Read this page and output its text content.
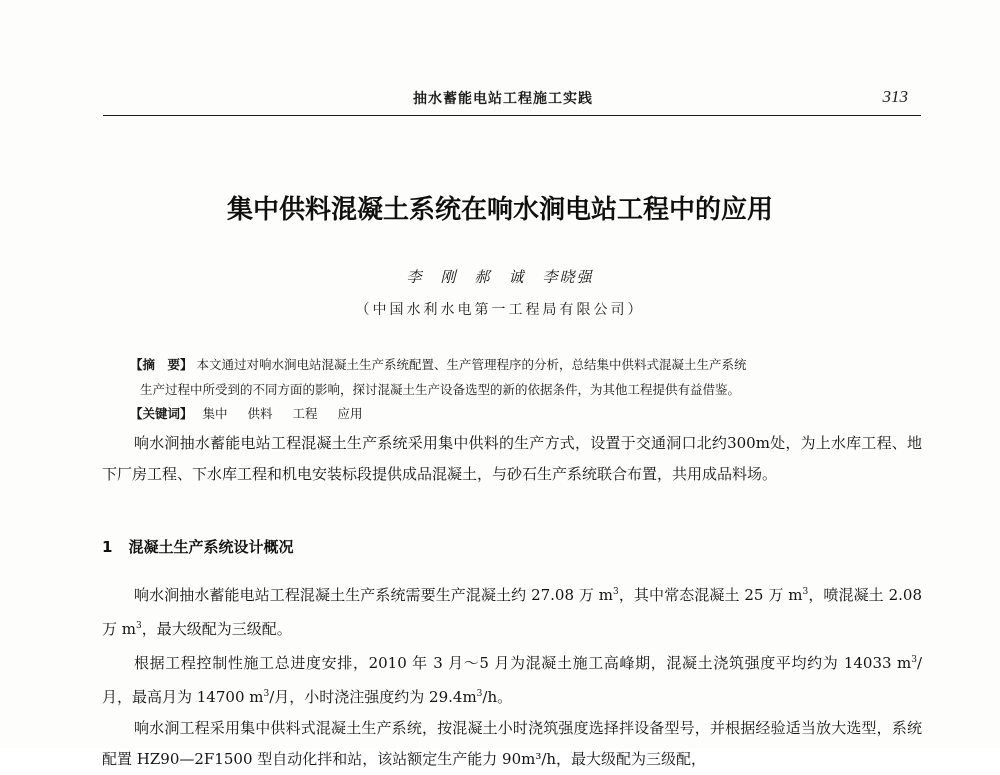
抽水蓄能电站工程施工实践	313
集中供料混凝土系统在响水涧电站工程中的应用
李　刚　郝　诚　李晓强
（中国水利水电第一工程局有限公司）
【摘　要】 本文通过对响水涧电站混凝土生产系统配置、生产管理程序的分析，总结集中供料式混凝土生产系统
生产过程中所受到的不同方面的影响，探讨混凝土生产设备选型的新的依据条件，为其他工程提供有益借鉴。
【关键词】 集中 供料 工程 应用

响水涧抽水蓄能电站工程混凝土生产系统采用集中供料的生产方式，设置于交通洞口北约300m处，为上水库工程、地下厂房工程、下水库工程和机电安装标段提供成品混凝土，与砂石生产系统联合布置，共用成品料场。

1 混凝土生产系统设计概况

响水涧抽水蓄能电站工程混凝土生产系统需要生产混凝土约 27.08 万 $m^3$，其中常态混凝土 25 万 $m^3$，喷混凝土 2.08 万 $m^3$，最大级配为三级配。

根据工程控制性施工总进度安排，2010 年 3 月～5 月为混凝土施工高峰期，混凝土浇筑强度平均约为 14033 $m^3/$月，最高月为 14700 $m^3/$月，小时浇注强度约为 $29.4m^3/h$。

响水涧工程采用集中供料式混凝土生产系统，按混凝土小时浇筑强度选择拌设备型号，并根据经验适当放大选型，系统配置 HZ90—2F1500 型自动化拌和站，该站额定生产能力 90m³/h，最大级配为三级配，
